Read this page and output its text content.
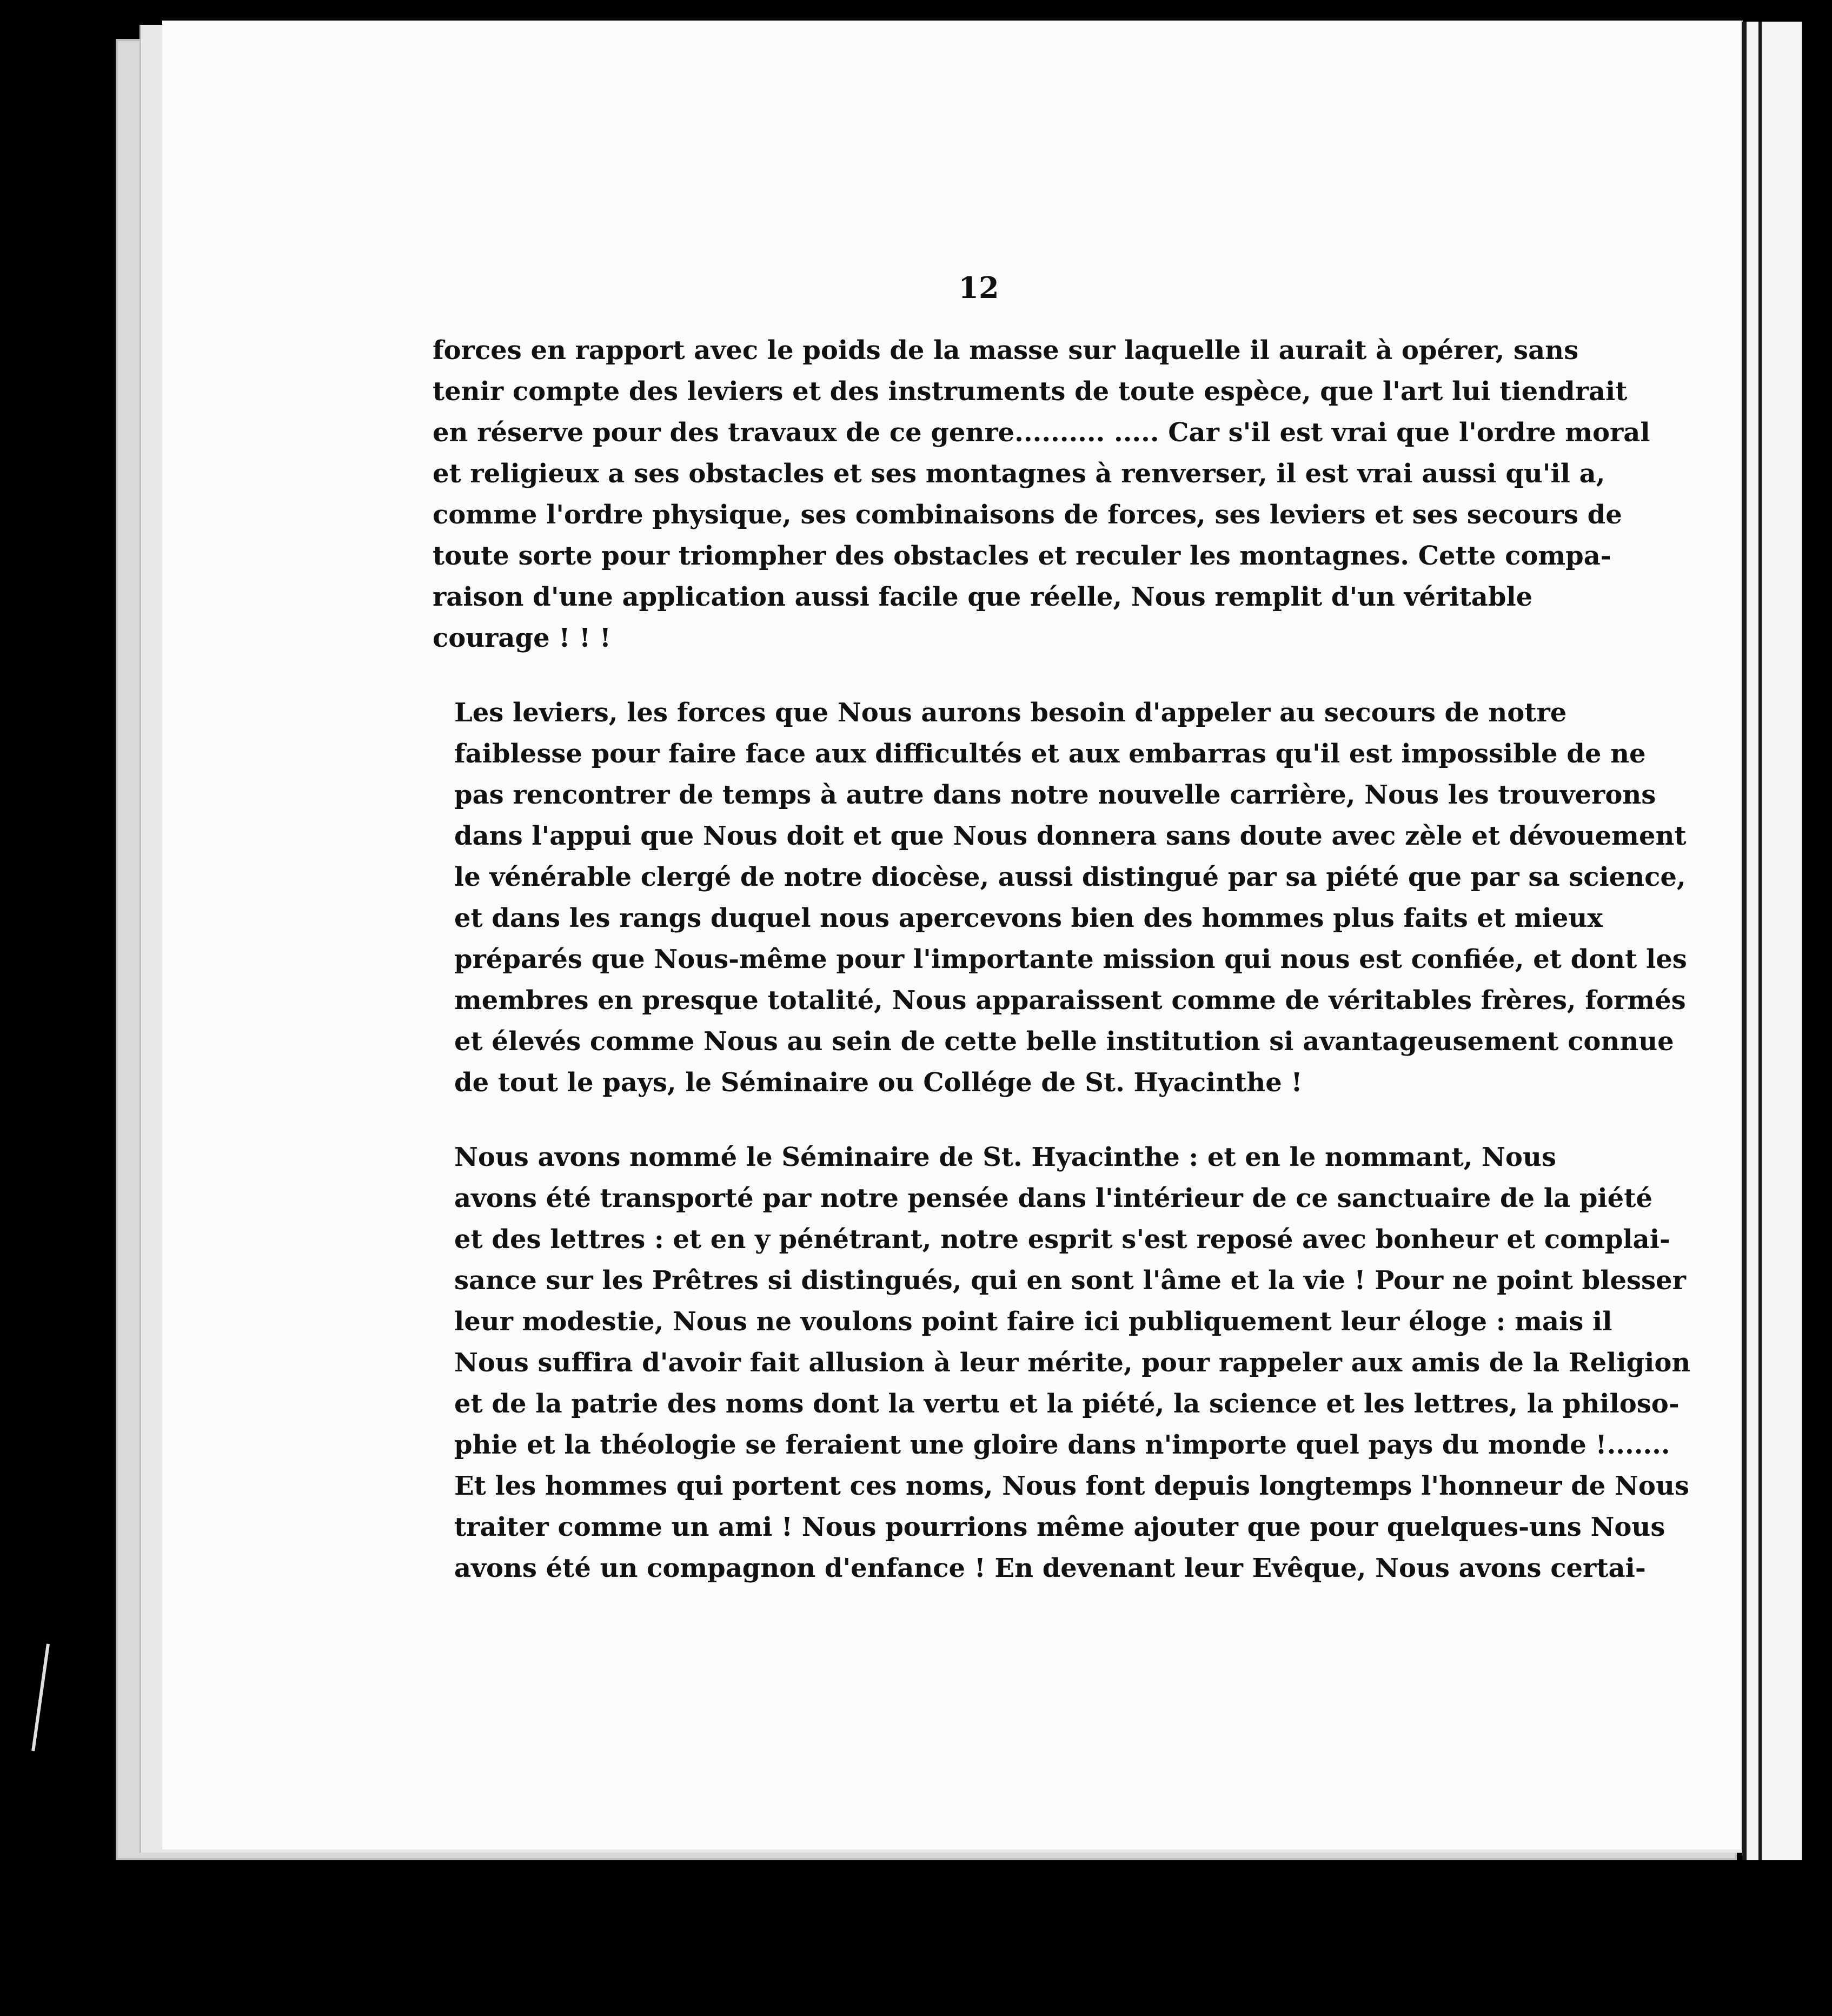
12

forces en rapport avec le poids de la masse sur laquelle il aurait à opérer, sans
tenir compte des leviers et des instruments de toute espèce, que l'art lui tiendrait
en réserve pour des travaux de ce genre.......... ..... Car s'il est vrai que l'ordre moral
et religieux a ses obstacles et ses montagnes à renverser, il est vrai aussi qu'il a,
comme l'ordre physique, ses combinaisons de forces, ses leviers et ses secours de
toute sorte pour triompher des obstacles et reculer les montagnes. Cette compa-
raison d'une application aussi facile que réelle, Nous remplit d'un véritable
courage ! ! !

Les leviers, les forces que Nous aurons besoin d'appeler au secours de notre
faiblesse pour faire face aux difficultés et aux embarras qu'il est impossible de ne
pas rencontrer de temps à autre dans notre nouvelle carrière, Nous les trouverons
dans l'appui que Nous doit et que Nous donnera sans doute avec zèle et dévouement
le vénérable clergé de notre diocèse, aussi distingué par sa piété que par sa science,
et dans les rangs duquel nous apercevons bien des hommes plus faits et mieux
préparés que Nous-même pour l'importante mission qui nous est confiée, et dont les
membres en presque totalité, Nous apparaissent comme de véritables frères, formés
et élevés comme Nous au sein de cette belle institution si avantageusement connue
de tout le pays, le Séminaire ou Collége de St. Hyacinthe !

Nous avons nommé le Séminaire de St. Hyacinthe : et en le nommant, Nous
avons été transporté par notre pensée dans l'intérieur de ce sanctuaire de la piété
et des lettres : et en y pénétrant, notre esprit s'est reposé avec bonheur et complai-
sance sur les Prêtres si distingués, qui en sont l'âme et la vie ! Pour ne point blesser
leur modestie, Nous ne voulons point faire ici publiquement leur éloge : mais il
Nous suffira d'avoir fait allusion à leur mérite, pour rappeler aux amis de la Religion
et de la patrie des noms dont la vertu et la piété, la science et les lettres, la philoso-
phie et la théologie se feraient une gloire dans n'importe quel pays du monde !.......
Et les hommes qui portent ces noms, Nous font depuis longtemps l'honneur de Nous
traiter comme un ami ! Nous pourrions même ajouter que pour quelques-uns Nous
avons été un compagnon d'enfance ! En devenant leur Evêque, Nous avons certai-
